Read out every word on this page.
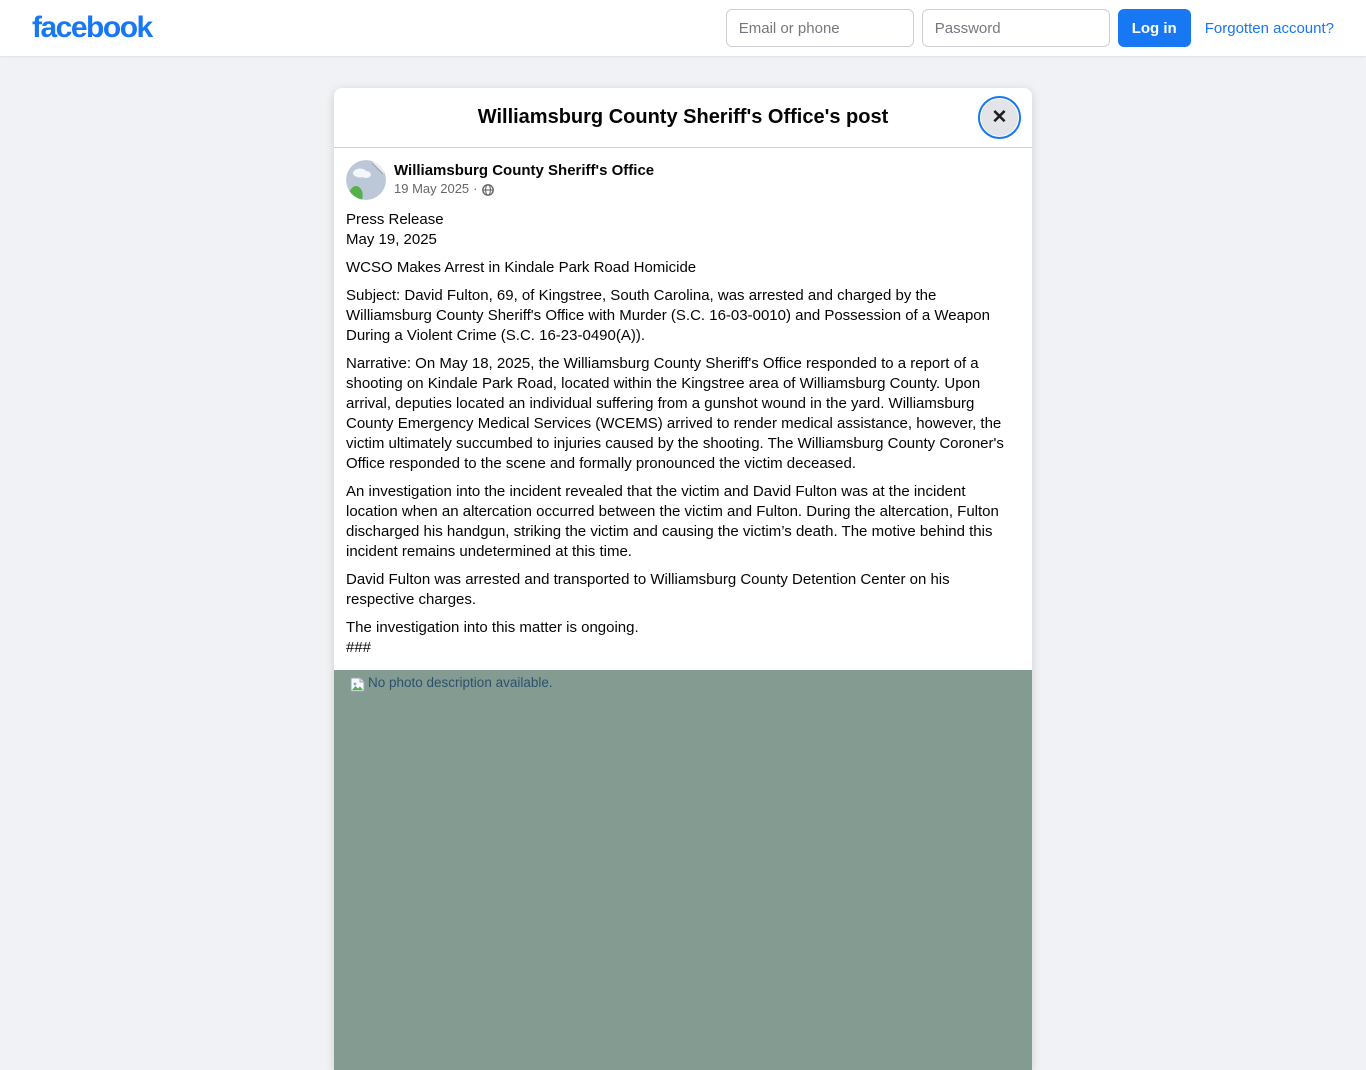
facebook
Email or phone	Log in	Forgotten account?
Williamsburg County Sheriff's Office's post	✕
Williamsburg County Sheriff's Office
19 May 2025 ·
Press Release
May 19, 2025
WCSO Makes Arrest in Kindale Park Road Homicide
Subject: David Fulton, 69, of Kingstree, South Carolina, was arrested and charged by the Williamsburg County Sheriff's Office with Murder (S.C. 16-03-0010) and Possession of a Weapon During a Violent Crime (S.C. 16-23-0490(A)).
Narrative: On May 18, 2025, the Williamsburg County Sheriff's Office responded to a report of a shooting on Kindale Park Road, located within the Kingstree area of Williamsburg County. Upon arrival, deputies located an individual suffering from a gunshot wound in the yard. Williamsburg County Emergency Medical Services (WCEMS) arrived to render medical assistance, however, the victim ultimately succumbed to injuries caused by the shooting. The Williamsburg County Coroner's Office responded to the scene and formally pronounced the victim deceased.
An investigation into the incident revealed that the victim and David Fulton was at the incident location when an altercation occurred between the victim and Fulton. During the altercation, Fulton discharged his handgun, striking the victim and causing the victim’s death. The motive behind this incident remains undetermined at this time.
David Fulton was arrested and transported to Williamsburg County Detention Center on his respective charges.
The investigation into this matter is ongoing.
###
No photo description available.
